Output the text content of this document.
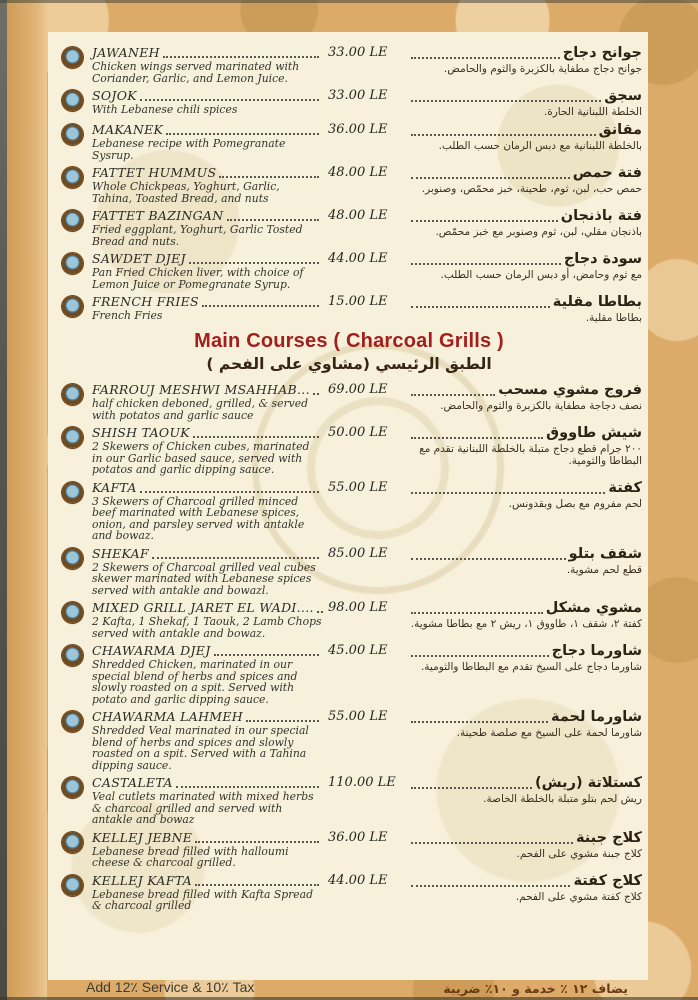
JAWANEH
Chicken wings served marinated with Coriander, Garlic, and Lemon Juice.
33.00 LE	جوانح دجاج
جوانح دجاج مطفاية بالكزبرة والثوم والحامض.
SOJOK
With Lebanese chili spices
33.00 LE	سجق
الخلطة اللبنانية الحارة.
MAKANEK
Lebanese recipe with Pomegranate Sysrup.
36.00 LE	مقانق
بالخلطة اللبنانية مع دبس الرمان حسب الطلب.
FATTET HUMMUS
Whole Chickpeas, Yoghurt, Garlic, Tahina, Toasted Bread, and nuts
48.00 LE	فتة حمص
حمص حب، لبن، ثوم، طحينة، خبز محمّص، وصنوبر.
FATTET BAZINGAN
Fried eggplant, Yoghurt, Garlic Tosted Bread and nuts.
48.00 LE	فتة باذنجان
باذنجان مقلي، لبن، ثوم وصنوبر مع خبز محمّص.
SAWDET DJEJ
Pan Fried Chicken liver, with choice of Lemon Juice or Pomegranate Syrup.
44.00 LE	سودة دجاج
مع ثوم وحامض، أو دبس الرمان حسب الطلب.
FRENCH FRIES
French Fries
15.00 LE	بطاطا مقلية
بطاطا مقلية.
Main Courses ( Charcoal Grills )
الطبق الرئيسي (مشاوي على الفحم )
FARROUJ MESHWI MSAHHAB...
half chicken deboned, grilled, & served with potatos and garlic sauce
69.00 LE	فروج مشوي مسحب
نصف دجاجة مطفاية بالكزبرة والثوم والحامض.
SHISH TAOUK
2 Skewers of Chicken cubes, marinated in our Garlic based sauce, served with potatos and garlic dipping sauce.
50.00 LE	شيش طاووق
٢٠٠ جرام قطع دجاج متبلة بالخلطة اللبنانية تقدم مع البطاطا والثومية.
KAFTA
3 Skewers of Charcoal grilled minced beef marinated with Lebanese spices, onion, and parsley served with antakle and bowaz.
55.00 LE	كفتة
لحم مفروم مع بصل وبقدونس.
SHEKAF
2 Skewers of Charcoal grilled veal cubes skewer marinated with Lebanese spices served with antakle and bowazl.
85.00 LE	شقف بتلو
قطع لحم مشوية.
MIXED GRILL JARET EL WADI....
2 Kafta, 1 Shekaf, 1 Taouk, 2 Lamb Chops served with antakle and bowaz.
98.00 LE	مشوي مشكل
كفتة ٢، شقف ١، طاووق ١، ريش ٢ مع بطاطا مشوية.
CHAWARMA DJEJ
Shredded Chicken, marinated in our special blend of herbs and spices and slowly roasted on a spit. Served with potato and garlic dipping sauce.
45.00 LE	شاورما دجاج
شاورما دجاج على السيخ تقدم مع البطاطا والثومية.
CHAWARMA LAHMEH
Shredded Veal marinated in our special blend of herbs and spices and slowly roasted on a spit. Served with a Tahina dipping sauce.
55.00 LE	شاورما لحمة
شاورما لحمة على السيخ مع صلصة طحينة.
CASTALETA
Veal cutlets marinated with mixed herbs & charcoal grilled and served with antakle and bowaz
110.00 LE	كستلاتة (ريش)
ريش لحم بتلو متبلة بالخلطة الخاصة.
KELLEJ JEBNE
Lebanese bread filled with halloumi cheese & charcoal grilled.
36.00 LE	كلاج جبنة
كلاج جبنة مشوي على الفحم.
KELLEJ KAFTA
Lebanese bread filled with Kafta Spread & charcoal grilled
44.00 LE	كلاج كفتة
كلاج كفتة مشوي على الفحم.
Add 12٪ Service & 10٪ Tax	يضاف ١٢ ٪ خدمة و ١٠٪ ضريبة
